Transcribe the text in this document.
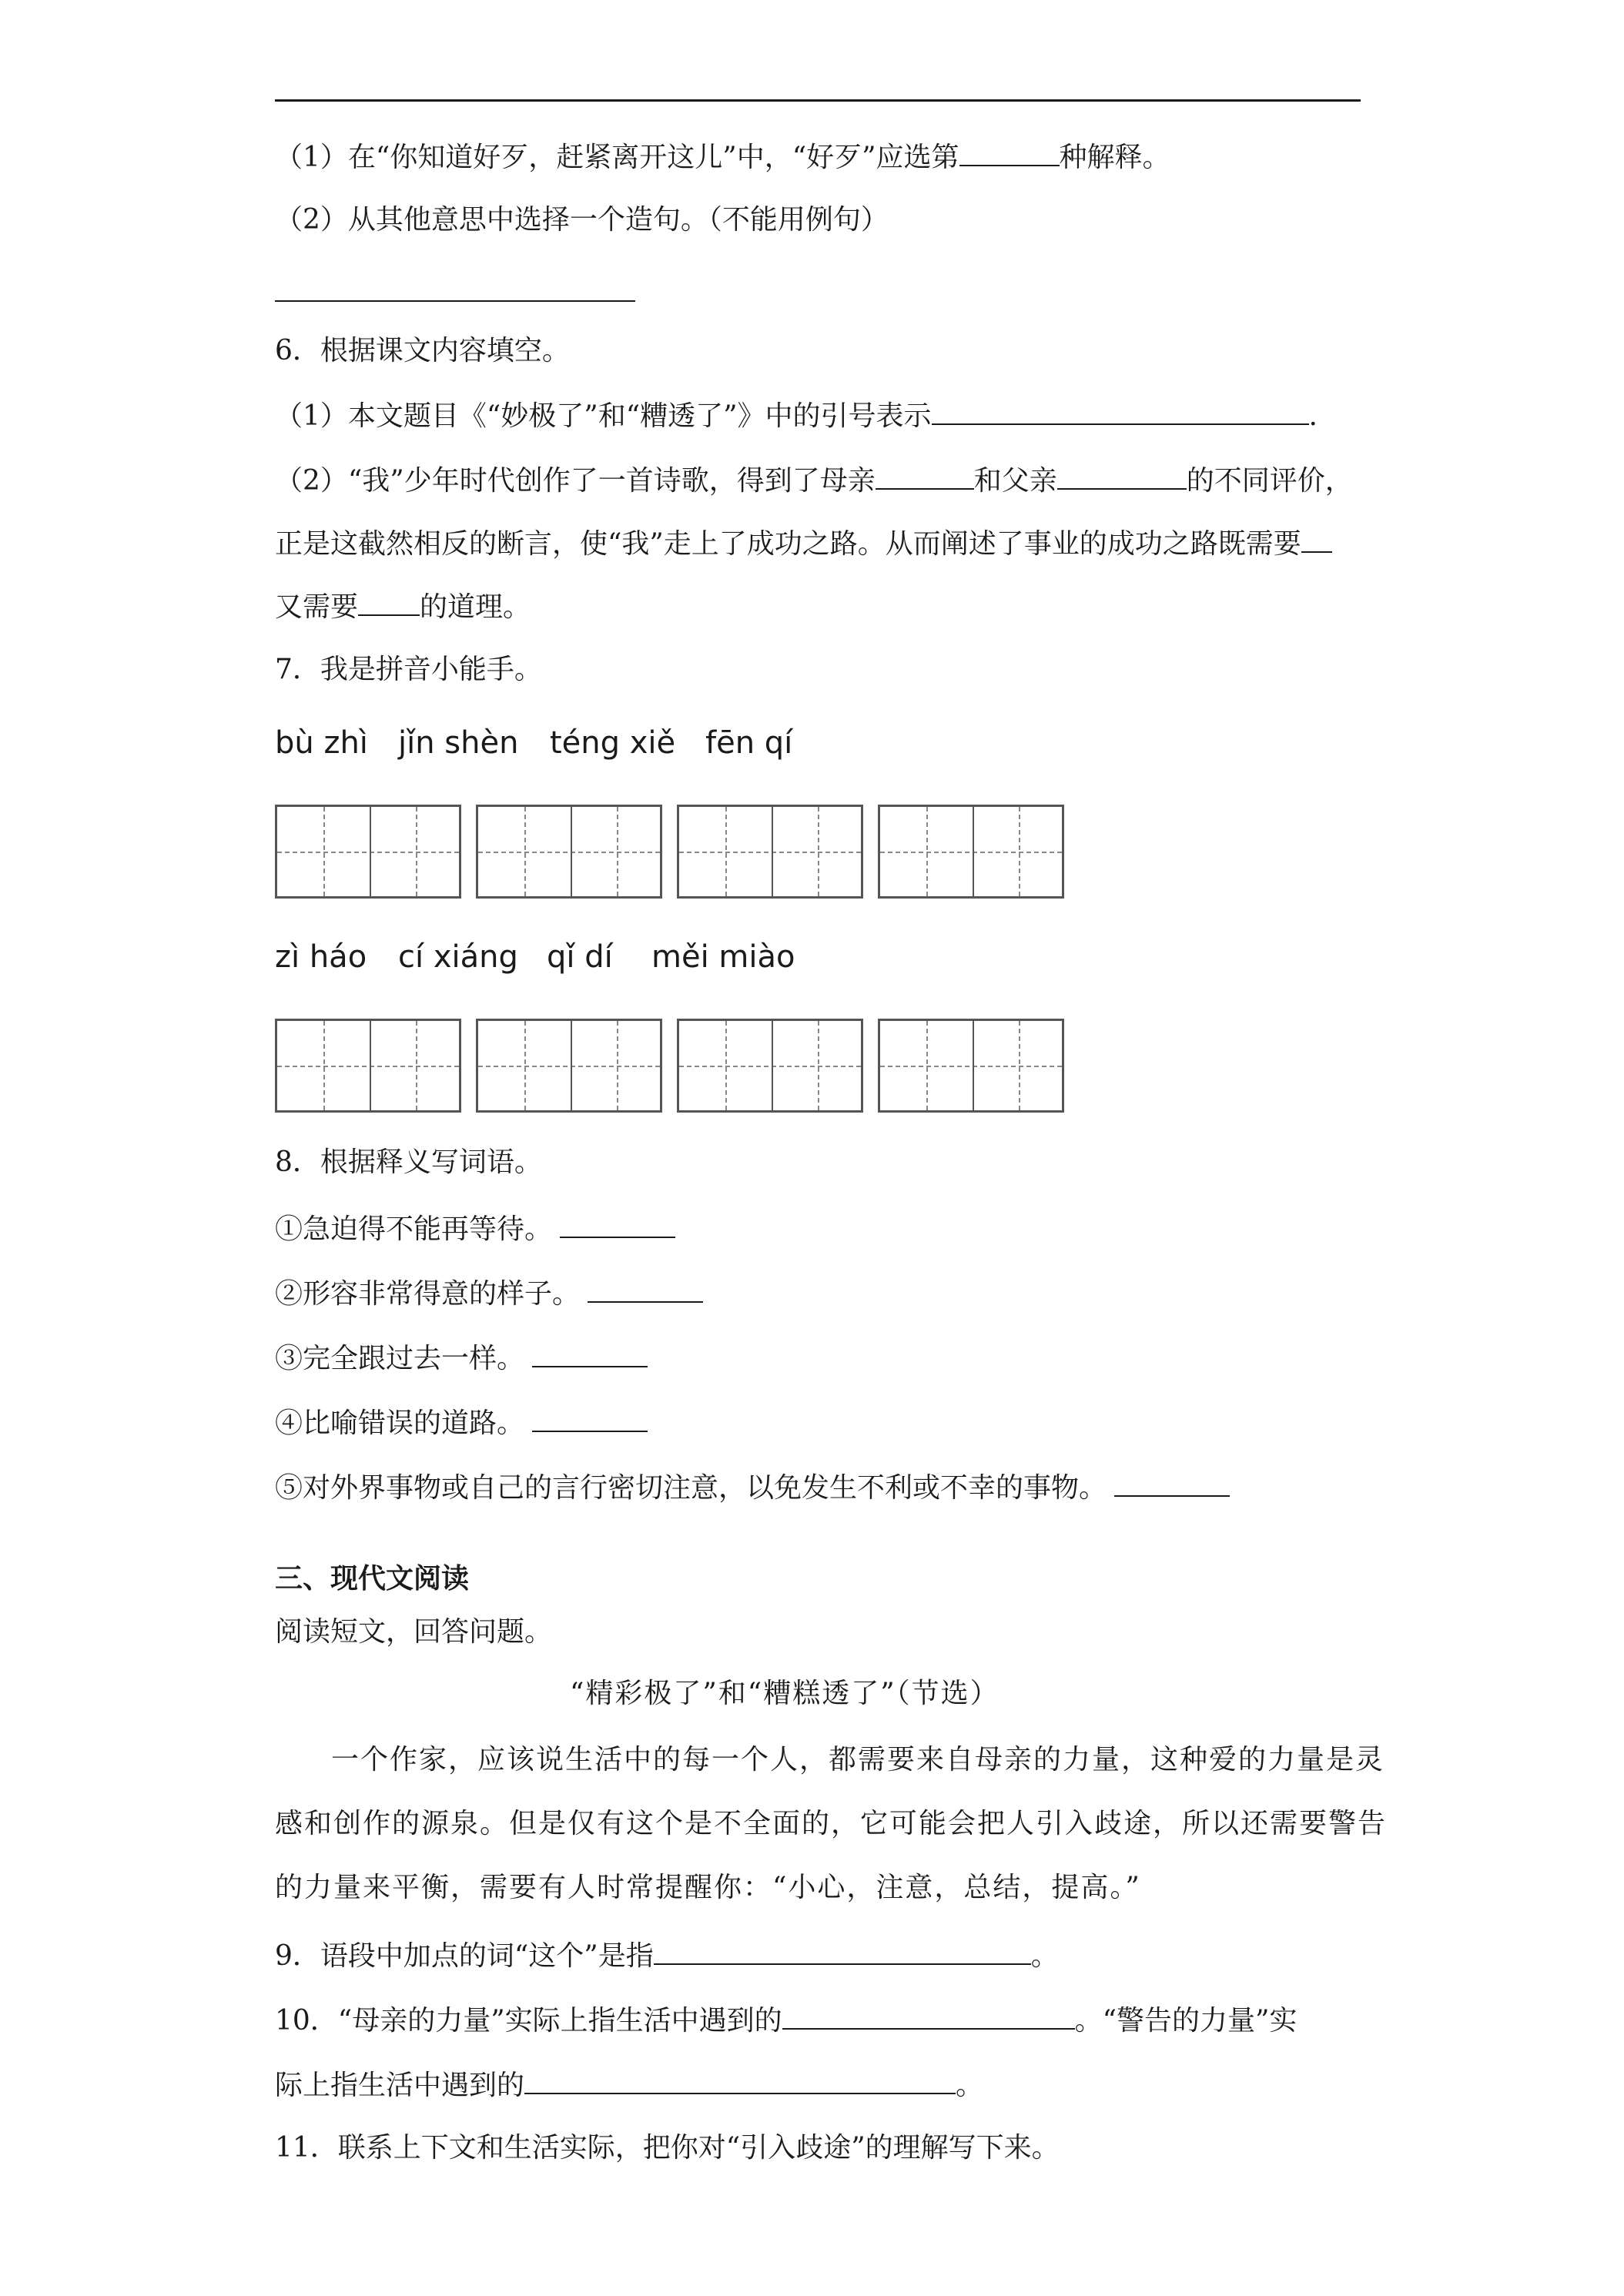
（1）在“你知道好歹，赶紧离开这儿”中，“好歹”应选第	种解释。
（2）从其他意思中选择一个造句。（不能用例句）
6．根据课文内容填空。
（1）本文题目《“妙极了”和“糟透了”》中的引号表示	.
（2）“我”少年时代创作了一首诗歌，得到了母亲	和父亲	的不同评价，
正是这截然相反的断言，使“我”走上了成功之路。从而阐述了事业的成功之路既需要
又需要 的道理。
7．我是拼音小能手。
bù zhì jǐn shèn téng xiě fēn qí
zì háo cí xiáng qǐ dí měi miào
8．根据释义写词语。
①急迫得不能再等待。
②形容非常得意的样子。
③完全跟过去一样。
④比喻错误的道路。
⑤对外界事物或自己的言行密切注意，以免发生不利或不幸的事物。
三、现代文阅读
阅读短文，回答问题。
“精彩极了”和“糟糕透了”（节选）
一个作家，应该说生活中的每一个人，都需要来自母亲的力量，这种爱的力量是灵
感和创作的源泉。但是仅有这个是不全面的，它可能会把人引入歧途，所以还需要警告
的力量来平衡，需要有人时常提醒你：“小心，注意，总结，提高。”
9．语段中加点的词“这个”是指	。
10．“母亲的力量”实际上指生活中遇到的	。“警告的力量”实
际上指生活中遇到的	。
11．联系上下文和生活实际，把你对“引入歧途”的理解写下来。
